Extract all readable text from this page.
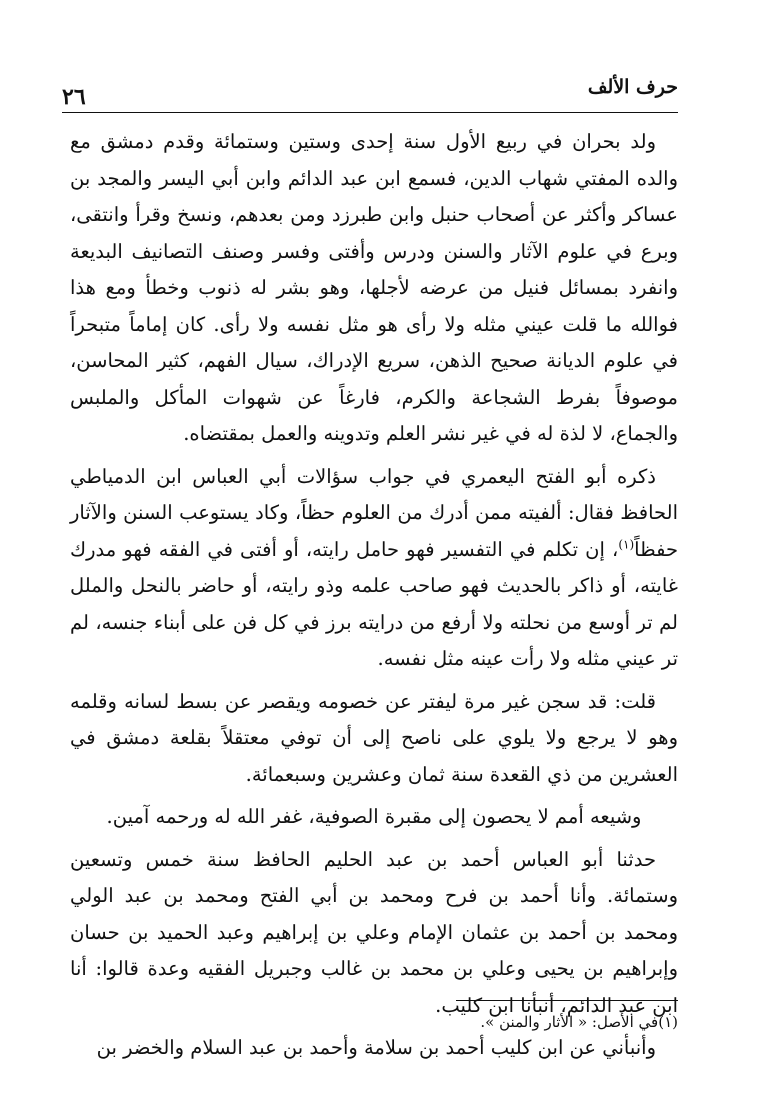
حرف الألف
٢٦

ولد بحران في ربيع الأول سنة إحدى وستين وستمائة وقدم دمشق مع والده المفتي شهاب الدين، فسمع ابن عبد الدائم وابن أبي اليسر والمجد بن عساكر وأكثر عن أصحاب حنبل وابن طبرزد ومن بعدهم، ونسخ وقرأ وانتقى، وبرع في علوم الآثار والسنن ودرس وأفتى وفسر وصنف التصانيف البديعة وانفرد بمسائل فنيل من عرضه لأجلها، وهو بشر له ذنوب وخطأ ومع هذا فوالله ما قلت عيني مثله ولا رأى هو مثل نفسه ولا رأى. كان إماماً متبحراً في علوم الديانة صحيح الذهن، سريع الإدراك، سيال الفهم، كثير المحاسن، موصوفاً بفرط الشجاعة والكرم، فارغاً عن شهوات المأكل والملبس والجماع، لا لذة له في غير نشر العلم وتدوينه والعمل بمقتضاه.

ذكره أبو الفتح اليعمري في جواب سؤالات أبي العباس ابن الدمياطي الحافظ فقال: ألفيته ممن أدرك من العلوم حظاً، وكاد يستوعب السنن والآثار حفظاً$^{(١)}$، إن تكلم في التفسير فهو حامل رايته، أو أفتى في الفقه فهو مدرك غايته، أو ذاكر بالحديث فهو صاحب علمه وذو رايته، أو حاضر بالنحل والملل لم تر أوسع من نحلته ولا أرفع من درايته برز في كل فن على أبناء جنسه، لم تر عيني مثله ولا رأت عينه مثل نفسه.

قلت: قد سجن غير مرة ليفتر عن خصومه ويقصر عن بسط لسانه وقلمه وهو لا يرجع ولا يلوي على ناصح إلى أن توفي معتقلاً بقلعة دمشق في العشرين من ذي القعدة سنة ثمان وعشرين وسبعمائة.

وشيعه أمم لا يحصون إلى مقبرة الصوفية، غفر الله له ورحمه آمين.

حدثنا أبو العباس أحمد بن عبد الحليم الحافظ سنة خمس وتسعين وستمائة. وأنا أحمد بن فرح ومحمد بن أبي الفتح ومحمد بن عبد الولي ومحمد بن أحمد بن عثمان الإمام وعلي بن إبراهيم وعبد الحميد بن حسان وإبراهيم بن يحيى وعلي بن محمد بن غالب وجبريل الفقيه وعدة قالوا: أنا ابن عبد الدائم، أنبأنا ابن كليب.

وأنبأني عن ابن كليب أحمد بن سلامة وأحمد بن عبد السلام والخضر بن

(١)في الأصل: « الأثار والمنن ».
